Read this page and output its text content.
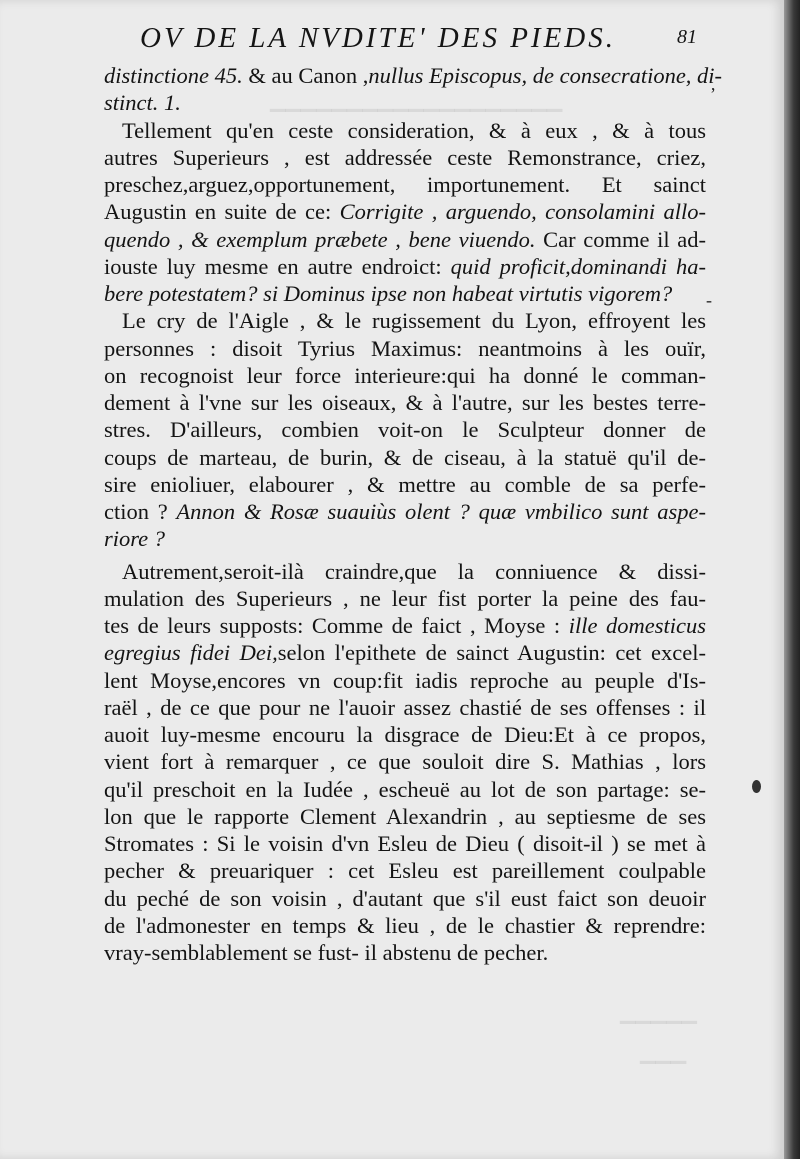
OV DE LA NVDITE' DES PIEDS.	81
distinctione 45. & au Canon ,nullus Episcopus, de consecratione, di-
stinct. 1.
Tellement qu'en ceste consideration, & à eux , & à tous
autres Superieurs , est addressée ceste Remonstrance, criez,
preschez,arguez,opportunement, importunement. Et sainct
Augustin en suite de ce: Corrigite , arguendo, consolamini allo-
quendo , & exemplum præbete , bene viuendo. Car comme il ad-
iouste luy mesme en autre endroict: quid proficit,dominandi ha-
bere potestatem? si Dominus ipse non habeat virtutis vigorem?
Le cry de l'Aigle , & le rugissement du Lyon, effroyent les
personnes : disoit Tyrius Maximus: neantmoins à les ouïr,
on recognoist leur force interieure:qui ha donné le comman-
dement à l'vne sur les oiseaux, & à l'autre, sur les bestes terre-
stres. D'ailleurs, combien voit-on le Sculpteur donner de
coups de marteau, de burin, & de ciseau, à la statuë qu'il de-
sire enioliuer, elabourer , & mettre au comble de sa perfe-
ction ? Annon & Rosæ suauiùs olent ? quæ vmbilico sunt aspe-
riore ?
Autrement,seroit-ilà craindre,que la conniuence & dissi-
mulation des Superieurs , ne leur fist porter la peine des fau-
tes de leurs supposts: Comme de faict , Moyse : ille domesticus
egregius fidei Dei,selon l'epithete de sainct Augustin: cet excel-
lent Moyse,encores vn coup:fit iadis reproche au peuple d'Is-
raël , de ce que pour ne l'auoir assez chastié de ses offenses : il
auoit luy-mesme encouru la disgrace de Dieu:Et à ce propos,
vient fort à remarquer , ce que souloit dire S. Mathias , lors
qu'il preschoit en la Iudée , escheuë au lot de son partage: se-
lon que le rapporte Clement Alexandrin , au septiesme de ses
Stromates : Si le voisin d'vn Esleu de Dieu ( disoit-il ) se met à
pecher & preuariquer : cet Esleu est pareillement coulpable
du peché de son voisin , d'autant que s'il eust faict son deuoir
de l'admonester en temps & lieu , de le chastier & reprendre:
vray-semblablement se fust- il abstenu de pecher.
ʼ
-
▁▁▁▁▁▁▁▁▁▁▁▁▁▁▁▁▁▁▁
▁▁▁▁▁
▁▁▁
